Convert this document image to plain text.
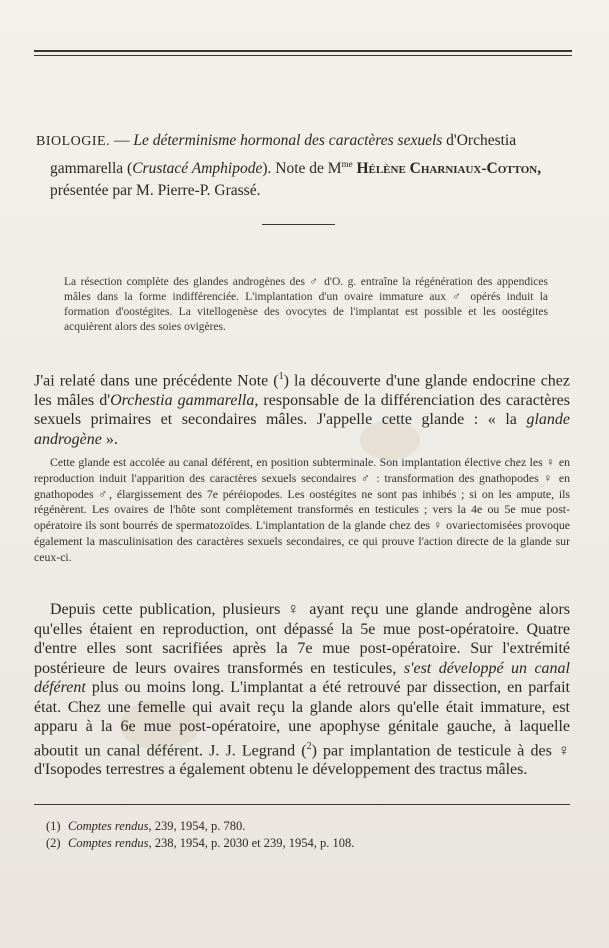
BIOLOGIE. — Le déterminisme hormonal des caractères sexuels d'Orchestia
gammarella (Crustacé Amphipode). Note de $M^{me}$ Hélène Charniaux-Cotton,
présentée par M. Pierre-P. Grassé.

La résection complète des glandes androgènes des ♂ d'O. g. entraîne la régénération des appendices mâles dans la forme indifférenciée. L'implantation d'un ovaire immature aux ♂ opérés induit la formation d'oostégites. La vitellogenèse des ovocytes de l'implantat est possible et les oostégites acquièrent alors des soies ovigères.

J'ai relaté dans une précédente Note ($^1$) la découverte d'une glande endocrine chez les mâles d'Orchestia gammarella, responsable de la différenciation des caractères sexuels primaires et secondaires mâles. J'appelle cette glande : « la glande androgène ».

Cette glande est accolée au canal déférent, en position subterminale. Son implantation élective chez les ♀ en reproduction induit l'apparition des caractères sexuels secondaires ♂ : transformation des gnathopodes ♀ en gnathopodes ♂, élargissement des 7e péréiopodes. Les oostégites ne sont pas inhibés ; si on les ampute, ils régénèrent. Les ovaires de l'hôte sont complètement transformés en testicules ; vers la 4e ou 5e mue post-opératoire ils sont bourrés de spermatozoïdes. L'implantation de la glande chez des ♀ ovariectomisées provoque également la masculinisation des caractères sexuels secondaires, ce qui prouve l'action directe de la glande sur ceux-ci.

Depuis cette publication, plusieurs ♀ ayant reçu une glande androgène alors qu'elles étaient en reproduction, ont dépassé la 5e mue post-opératoire. Quatre d'entre elles sont sacrifiées après la 7e mue post-opératoire. Sur l'extrémité postérieure de leurs ovaires transformés en testicules, s'est développé un canal déférent plus ou moins long. L'implantat a été retrouvé par dissection, en parfait état. Chez une femelle qui avait reçu la glande alors qu'elle était immature, est apparu à la 6e mue post-opératoire, une apophyse génitale gauche, à laquelle aboutit un canal déférent. J. J. Legrand ($^2$) par implantation de testicule à des ♀ d'Isopodes terrestres a également obtenu le développement des tractus mâles.

(1) Comptes rendus, 239, 1954, p. 780.

(2) Comptes rendus, 238, 1954, p. 2030 et 239, 1954, p. 108.
